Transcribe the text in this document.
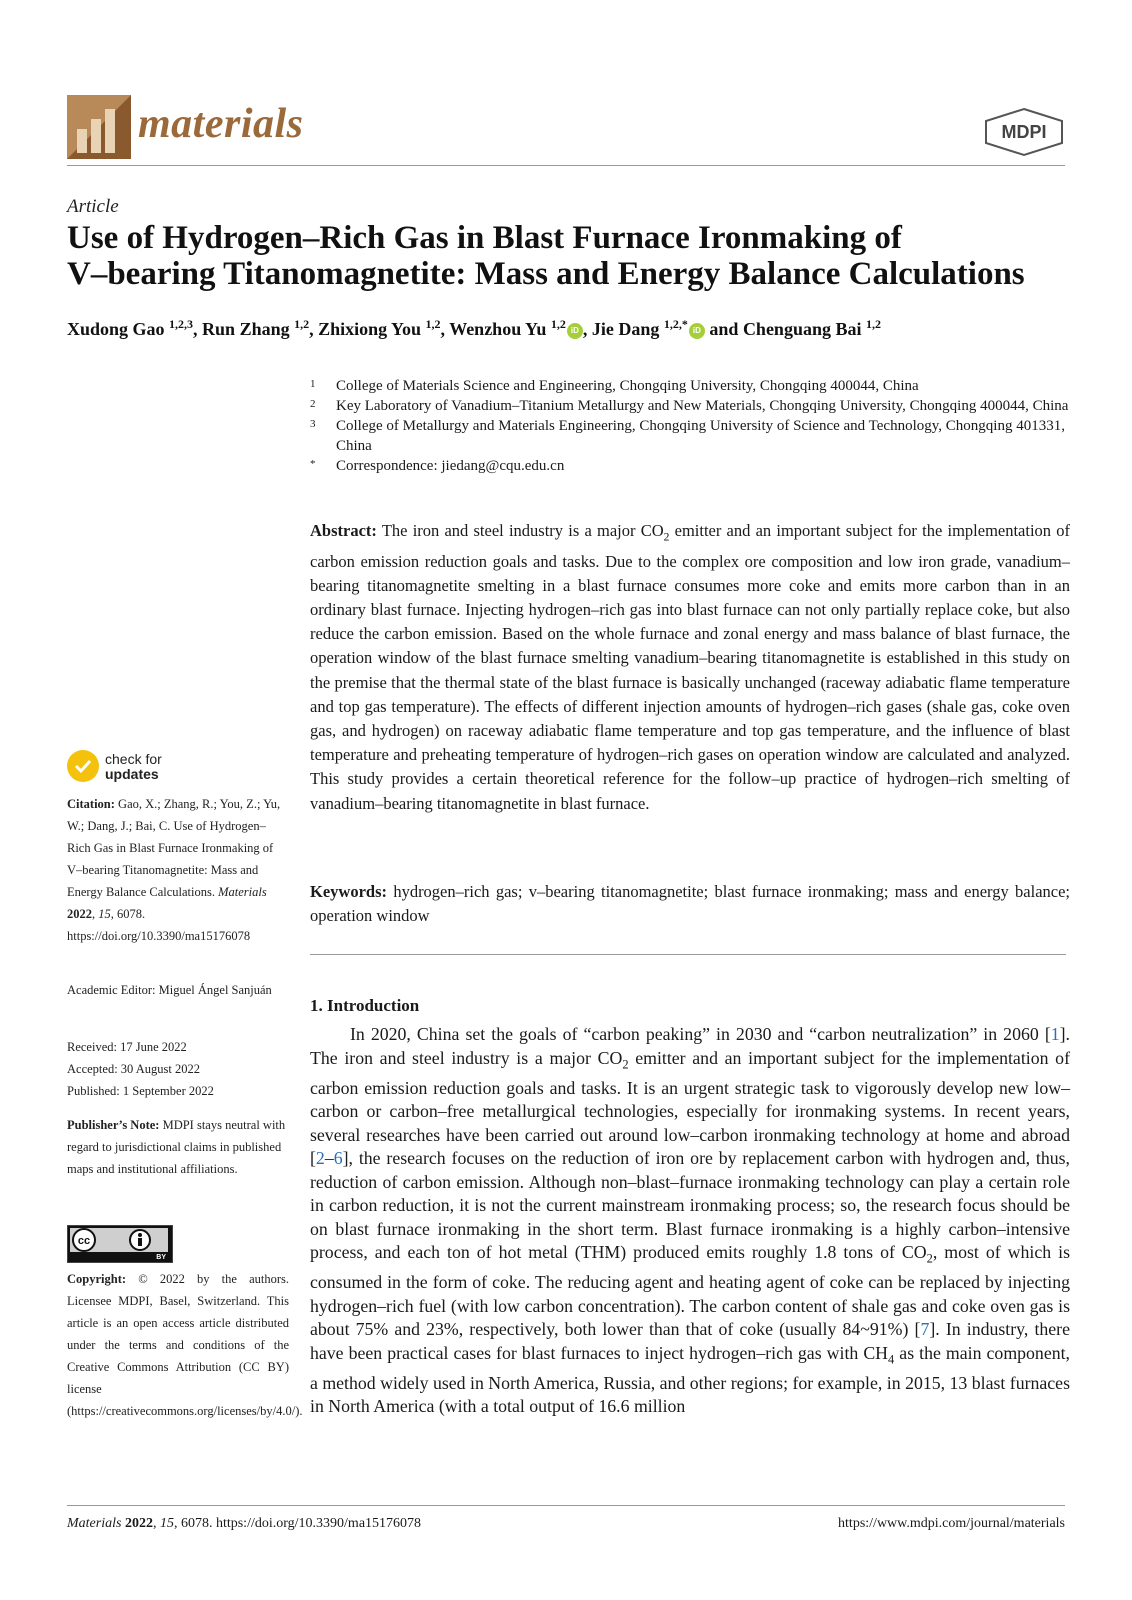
materials	MDPI
Article
Use of Hydrogen–Rich Gas in Blast Furnace Ironmaking of
V–bearing Titanomagnetite: Mass and Energy Balance Calculations
Xudong Gao $^{1,2,3}$, Run Zhang $^{1,2}$, Zhixiong You $^{1,2}$, Wenzhou Yu $^{1,2}$ iD , Jie Dang $^{1,2,*}$ iD and Chenguang Bai $^{1,2}$
1 College of Materials Science and Engineering, Chongqing University, Chongqing 400044, China
2 Key Laboratory of Vanadium–Titanium Metallurgy and New Materials, Chongqing University, Chongqing 400044, China
3 College of Metallurgy and Materials Engineering, Chongqing University of Science and Technology, Chongqing 401331, China
* Correspondence: jiedang@cqu.edu.cn
Abstract: The iron and steel industry is a major $CO_2$ emitter and an important subject for the implementation of carbon emission reduction goals and tasks. Due to the complex ore composition and low iron grade, vanadium–bearing titanomagnetite smelting in a blast furnace consumes more coke and emits more carbon than in an ordinary blast furnace. Injecting hydrogen–rich gas into blast furnace can not only partially replace coke, but also reduce the carbon emission. Based on the whole furnace and zonal energy and mass balance of blast furnace, the operation window of the blast furnace smelting vanadium–bearing titanomagnetite is established in this study on the premise that the thermal state of the blast furnace is basically unchanged (raceway adiabatic flame temperature and top gas temperature). The effects of different injection amounts of hydrogen–rich gases (shale gas, coke oven gas, and hydrogen) on raceway adiabatic flame temperature and top gas temperature, and the influence of blast temperature and preheating temperature of hydrogen–rich gases on operation window are calculated and analyzed. This study provides a certain theoretical reference for the follow–up practice of hydrogen–rich smelting of vanadium–bearing titanomagnetite in blast furnace.
Keywords: hydrogen–rich gas; v–bearing titanomagnetite; blast furnace ironmaking; mass and energy balance; operation window
1. Introduction
In 2020, China set the goals of “carbon peaking” in 2030 and “carbon neutralization” in 2060 [1]. The iron and steel industry is a major $CO_2$ emitter and an important subject for the implementation of carbon emission reduction goals and tasks. It is an urgent strategic task to vigorously develop new low–carbon or carbon–free metallurgical technologies, especially for ironmaking systems. In recent years, several researches have been carried out around low–carbon ironmaking technology at home and abroad [2–6], the research focuses on the reduction of iron ore by replacement carbon with hydrogen and, thus, reduction of carbon emission. Although non–blast–furnace ironmaking technology can play a certain role in carbon reduction, it is not the current mainstream ironmaking process; so, the research focus should be on blast furnace ironmaking in the short term. Blast furnace ironmaking is a highly carbon–intensive process, and each ton of hot metal (THM) produced emits roughly 1.8 tons of $CO_2$, most of which is consumed in the form of coke. The reducing agent and heating agent of coke can be replaced by injecting hydrogen–rich fuel (with low carbon concentration). The carbon content of shale gas and coke oven gas is about 75% and 23%, respectively, both lower than that of coke (usually 84~91%) [7]. In industry, there have been practical cases for blast furnaces to inject hydrogen–rich gas with $CH_4$ as the main component, a method widely used in North America, Russia, and other regions; for example, in 2015, 13 blast furnaces in North America (with a total output of 16.6 million
check for
updates
Citation: Gao, X.; Zhang, R.; You, Z.; Yu, W.; Dang, J.; Bai, C. Use of Hydrogen–Rich Gas in Blast Furnace Ironmaking of V–bearing Titanomagnetite: Mass and Energy Balance Calculations. Materials 2022, 15, 6078. https://doi.org/10.3390/ma15176078
Academic Editor: Miguel Ángel Sanjuán
Received: 17 June 2022
Accepted: 30 August 2022
Published: 1 September 2022
Publisher’s Note: MDPI stays neutral with regard to jurisdictional claims in published maps and institutional affiliations.
cc
BY
Copyright: © 2022 by the authors. Licensee MDPI, Basel, Switzerland. This article is an open access article distributed under the terms and conditions of the Creative Commons Attribution (CC BY) license (https://creativecommons.org/licenses/by/4.0/).
Materials 2022, 15, 6078. https://doi.org/10.3390/ma15176078	https://www.mdpi.com/journal/materials
